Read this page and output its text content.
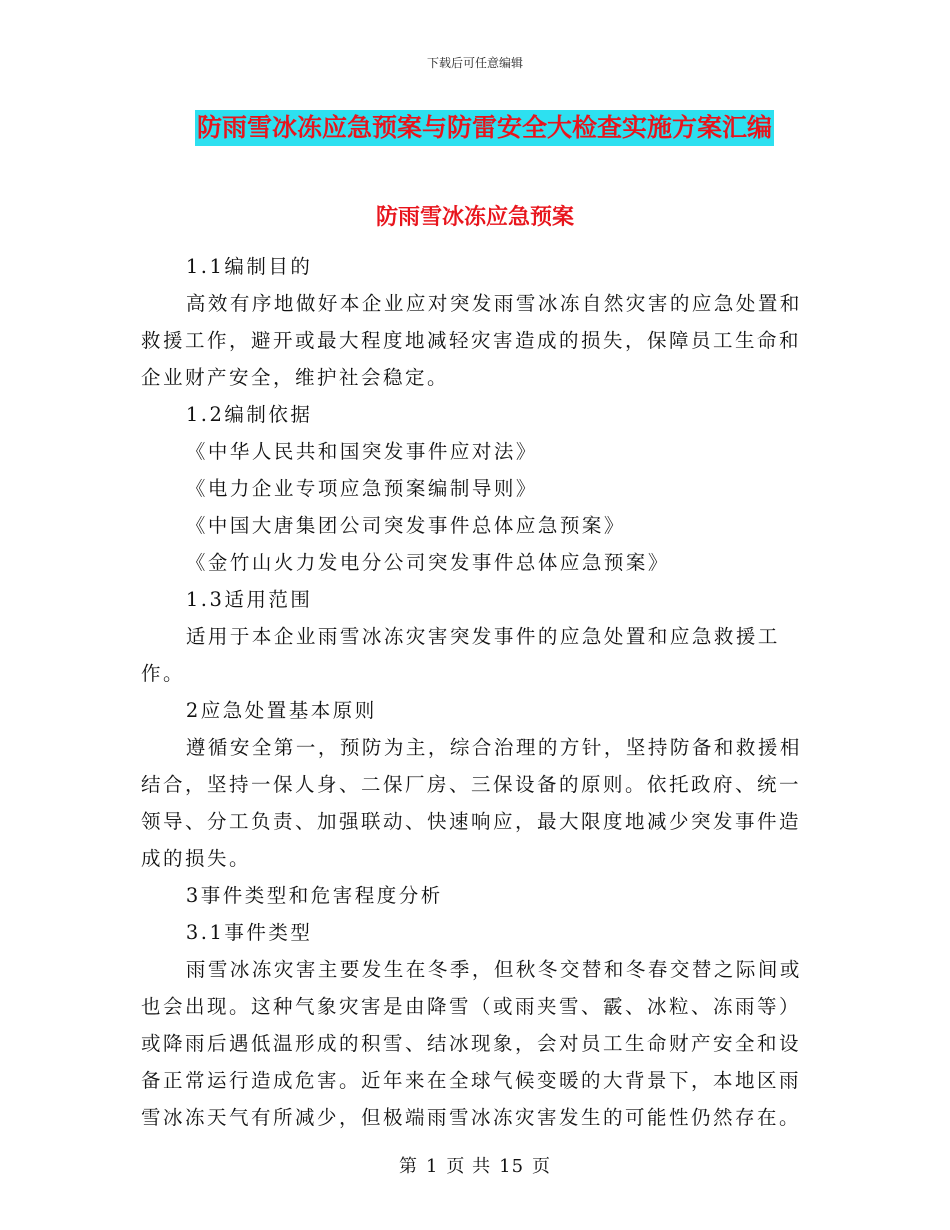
下载后可任意编辑
防雨雪冰冻应急预案与防雷安全大检查实施方案汇编
防雨雪冰冻应急预案

1.1编制目的

高效有序地做好本企业应对突发雨雪冰冻自然灾害的应急处置和
救援工作，避开或最大程度地减轻灾害造成的损失，保障员工生命和
企业财产安全，维护社会稳定。

1.2编制依据

《中华人民共和国突发事件应对法》

《电力企业专项应急预案编制导则》

《中国大唐集团公司突发事件总体应急预案》

《金竹山火力发电分公司突发事件总体应急预案》

1.3适用范围

适用于本企业雨雪冰冻灾害突发事件的应急处置和应急救援工作。

2应急处置基本原则

遵循安全第一，预防为主，综合治理的方针，坚持防备和救援相
结合，坚持一保人身、二保厂房、三保设备的原则。依托政府、统一
领导、分工负责、加强联动、快速响应，最大限度地减少突发事件造
成的损失。

3事件类型和危害程度分析

3.1事件类型

雨雪冰冻灾害主要发生在冬季，但秋冬交替和冬春交替之际间或
也会出现。这种气象灾害是由降雪（或雨夹雪、霰、冰粒、冻雨等）
或降雨后遇低温形成的积雪、结冰现象，会对员工生命财产安全和设
备正常运行造成危害。近年来在全球气候变暖的大背景下，本地区雨
雪冰冻天气有所减少，但极端雨雪冰冻灾害发生的可能性仍然存在。

第 1 页 共 15 页
